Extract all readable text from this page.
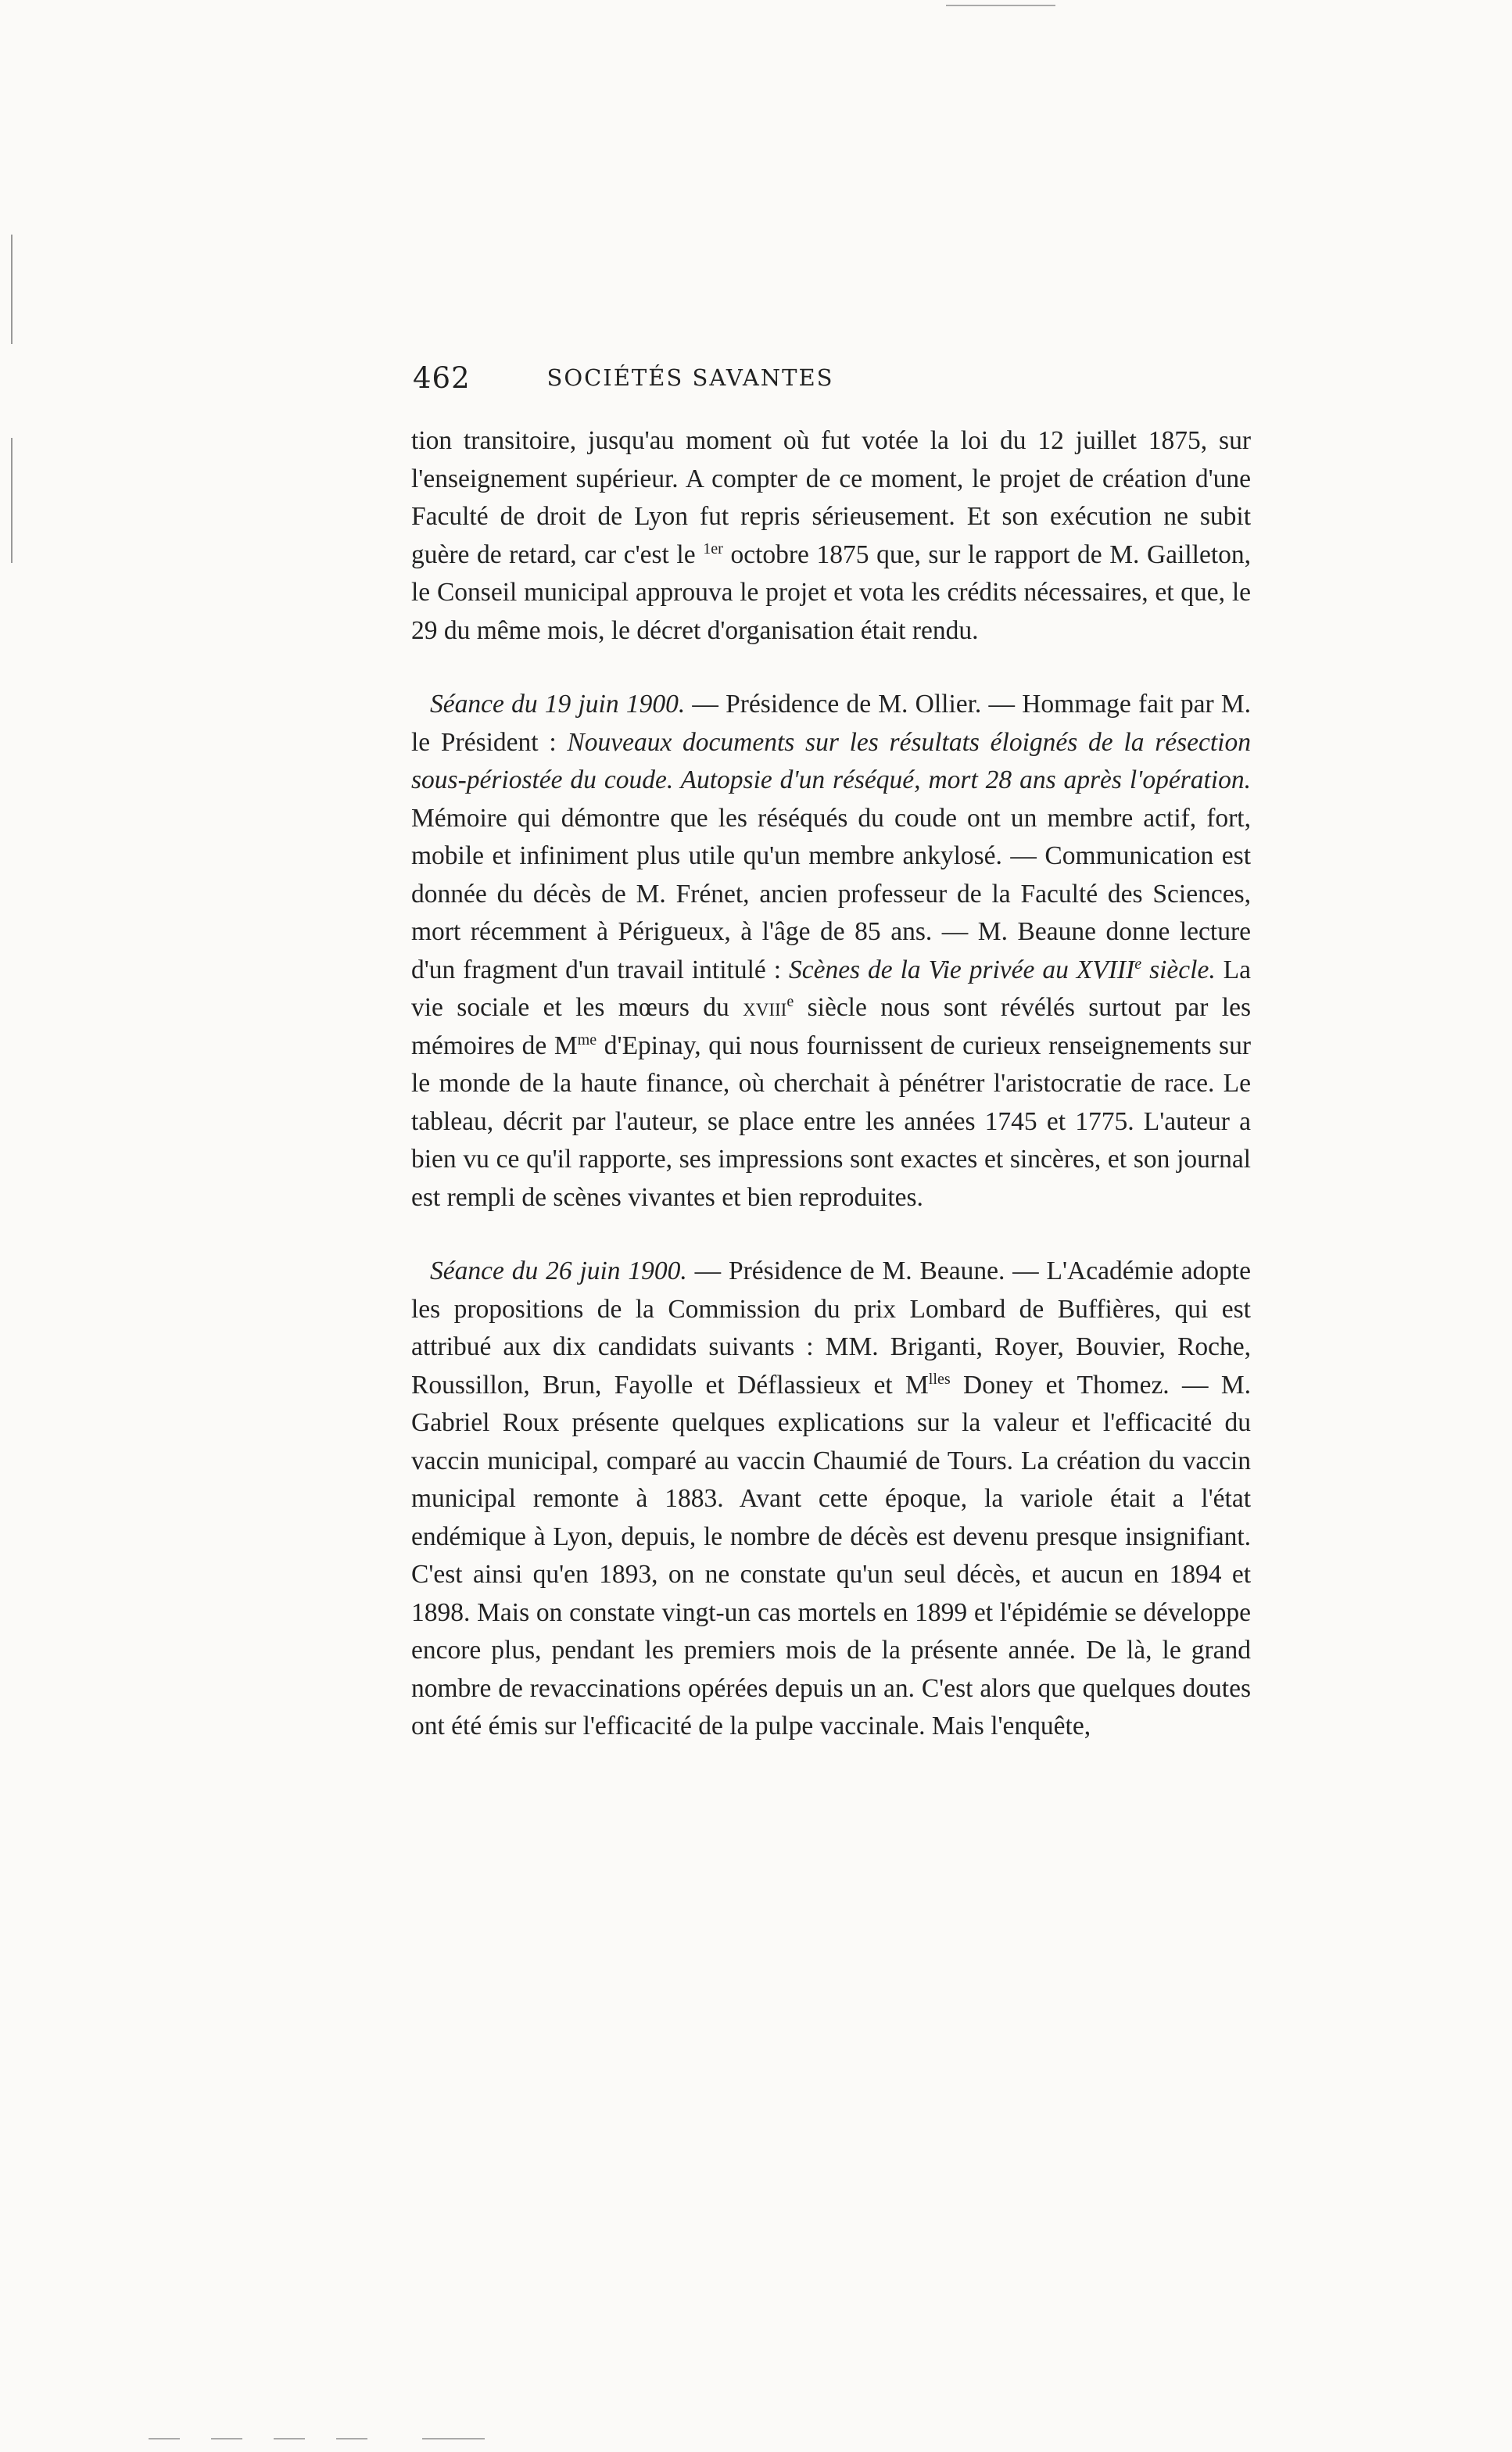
462	SOCIÉTÉS SAVANTES

tion transitoire, jusqu'au moment où fut votée la loi du 12 juillet 1875, sur l'enseignement supérieur. A compter de ce moment, le projet de création d'une Faculté de droit de Lyon fut repris sérieusement. Et son exécution ne subit guère de retard, car c'est le $^{1er}$ octobre 1875 que, sur le rapport de M. Gailleton, le Conseil municipal approuva le projet et vota les crédits nécessaires, et que, le 29 du même mois, le décret d'organisation était rendu.

Séance du 19 juin 1900. — Présidence de M. Ollier. — Hommage fait par M. le Président : Nouveaux documents sur les résultats éloignés de la résection sous-périostée du coude. Autopsie d'un réséqué, mort 28 ans après l'opération. Mémoire qui démontre que les réséqués du coude ont un membre actif, fort, mobile et infiniment plus utile qu'un membre ankylosé. — Communication est donnée du décès de M. Frénet, ancien professeur de la Faculté des Sciences, mort récemment à Périgueux, à l'âge de 85 ans. — M. Beaune donne lecture d'un fragment d'un travail intitulé : Scènes de la Vie privée au XVIIIe siècle. La vie sociale et les mœurs du xviii$^e$ siècle nous sont révélés surtout par les mémoires de $M^{me}$ d'Epinay, qui nous fournissent de curieux renseignements sur le monde de la haute finance, où cherchait à pénétrer l'aristocratie de race. Le tableau, décrit par l'auteur, se place entre les années 1745 et 1775. L'auteur a bien vu ce qu'il rapporte, ses impressions sont exactes et sincères, et son journal est rempli de scènes vivantes et bien reproduites.

Séance du 26 juin 1900. — Présidence de M. Beaune. — L'Académie adopte les propositions de la Commission du prix Lombard de Buffières, qui est attribué aux dix candidats suivants : MM. Briganti, Royer, Bouvier, Roche, Roussillon, Brun, Fayolle et Déflassieux et $M^{lles}$ Doney et Thomez. — M. Gabriel Roux présente quelques explications sur la valeur et l'efficacité du vaccin municipal, comparé au vaccin Chaumié de Tours. La création du vaccin municipal remonte à 1883. Avant cette époque, la variole était a l'état endémique à Lyon, depuis, le nombre de décès est devenu presque insignifiant. C'est ainsi qu'en 1893, on ne constate qu'un seul décès, et aucun en 1894 et 1898. Mais on constate vingt-un cas mortels en 1899 et l'épidémie se développe encore plus, pendant les premiers mois de la présente année. De là, le grand nombre de revaccinations opérées depuis un an. C'est alors que quelques doutes ont été émis sur l'efficacité de la pulpe vaccinale. Mais l'enquête,
